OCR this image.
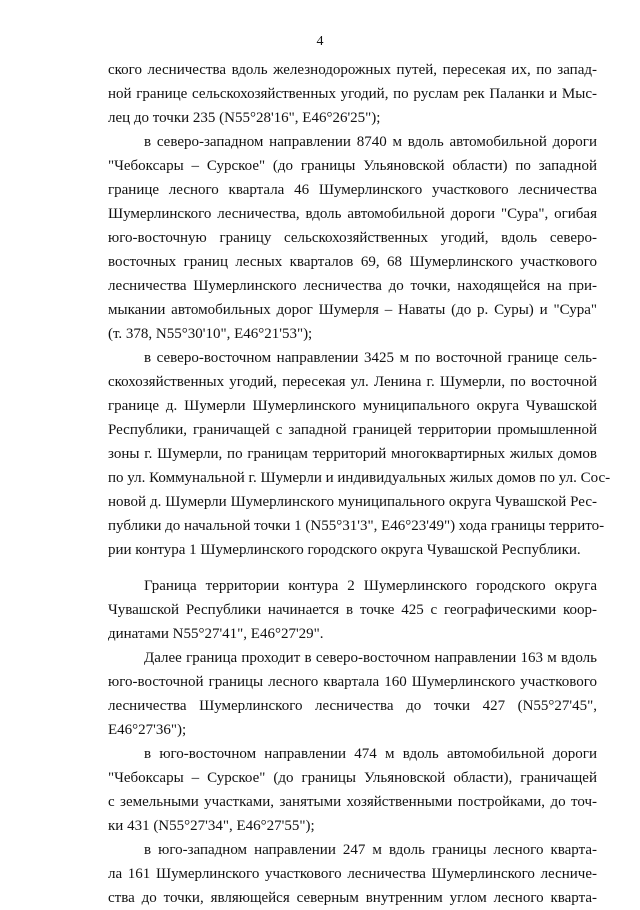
4
ского лесничества вдоль железнодорожных путей, пересекая их, по запад-
ной границе сельскохозяйственных угодий, по руслам рек Паланки и Мыс-
лец до точки 235 (N55°28'16", E46°26'25");
в северо-западном направлении 8740 м вдоль автомобильной дороги
"Чебоксары – Сурское" (до границы Ульяновской области) по западной
границе лесного квартала 46 Шумерлинского участкового лесничества
Шумерлинского лесничества, вдоль автомобильной дороги "Сура", огибая
юго-восточную границу сельскохозяйственных угодий, вдоль северо-
восточных границ лесных кварталов 69, 68 Шумерлинского участкового
лесничества Шумерлинского лесничества до точки, находящейся на при-
мыкании автомобильных дорог Шумерля – Наваты (до р. Суры) и "Сура"
(т. 378, N55°30'10", E46°21'53");
в северо-восточном направлении 3425 м по восточной границе сель-
скохозяйственных угодий, пересекая ул. Ленина г. Шумерли, по восточной
границе д. Шумерли Шумерлинского муниципального округа Чувашской
Республики, граничащей с западной границей территории промышленной
зоны г. Шумерли, по границам территорий многоквартирных жилых домов
по ул. Коммунальной г. Шумерли и индивидуальных жилых домов по ул. Сос-
новой д. Шумерли Шумерлинского муниципального округа Чувашской Рес-
публики до начальной точки 1 (N55°31'3", E46°23'49") хода границы террито-
рии контура 1 Шумерлинского городского округа Чувашской Республики.
Граница территории контура 2 Шумерлинского городского округа
Чувашской Республики начинается в точке 425 с географическими коор-
динатами N55°27'41", E46°27'29".
Далее граница проходит в северо-восточном направлении 163 м вдоль
юго-восточной границы лесного квартала 160 Шумерлинского участкового
лесничества Шумерлинского лесничества до точки 427 (N55°27'45",
E46°27'36");
в юго-восточном направлении 474 м вдоль автомобильной дороги
"Чебоксары – Сурское" (до границы Ульяновской области), граничащей
с земельными участками, занятыми хозяйственными постройками, до точ-
ки 431 (N55°27'34", E46°27'55");
в юго-западном направлении 247 м вдоль границы лесного кварта-
ла 161 Шумерлинского участкового лесничества Шумерлинского лесниче-
ства до точки, являющейся северным внутренним углом лесного кварта-
